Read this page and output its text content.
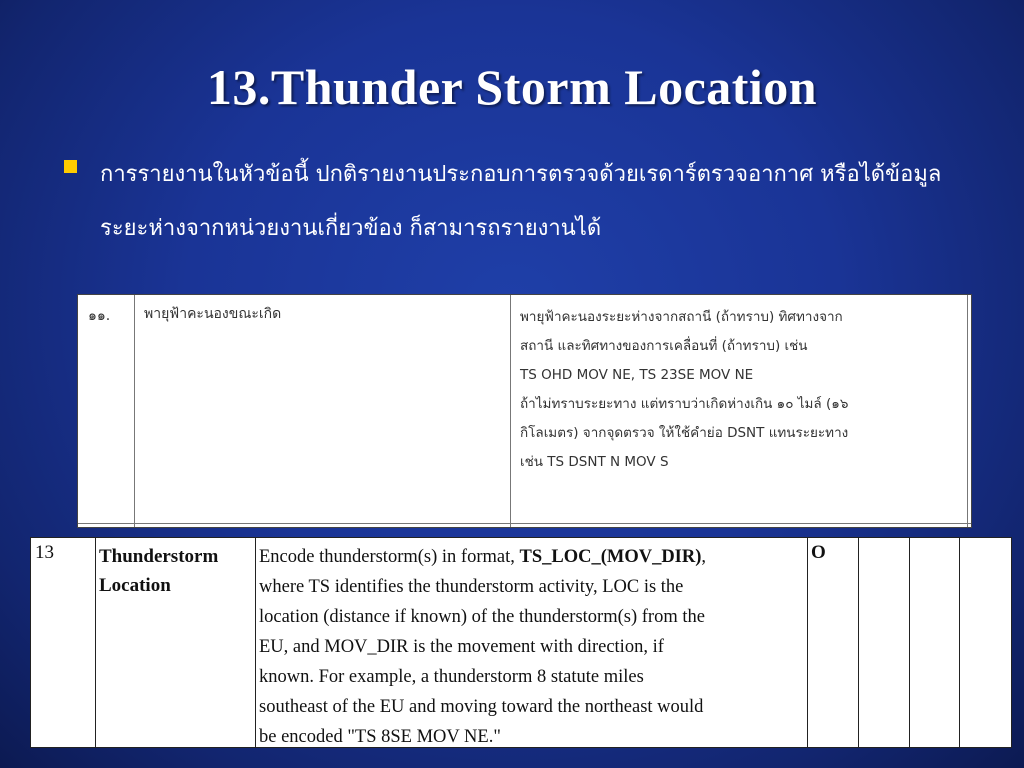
13.Thunder Storm Location
การรายงานในหัวข้อนี้ ปกติรายงานประกอบการตรวจด้วยเรดาร์ตรวจอากาศ หรือได้ข้อมูลระยะห่างจากหน่วยงานเกี่ยวข้อง ก็สามารถรายงานได้
๑๑. พายุฟ้าคะนองขณะเกิด	พายุฟ้าคะนองระยะห่างจากสถานี (ถ้าทราบ) ทิศทางจาก
สถานี และทิศทางของการเคลื่อนที่ (ถ้าทราบ) เช่น
TS OHD MOV NE, TS 23SE MOV NE
ถ้าไม่ทราบระยะทาง แต่ทราบว่าเกิดห่างเกิน ๑๐ ไมล์ (๑๖
กิโลเมตร) จากจุดตรวจ ให้ใช้คำย่อ DSNT แทนระยะทาง
เช่น TS DSNT N MOV S
13 Thunderstorm
Location
Encode thunderstorm(s) in format, TS_LOC_(MOV_DIR),
where TS identifies the thunderstorm activity, LOC is the
location (distance if known) of the thunderstorm(s) from the
EU, and MOV_DIR is the movement with direction, if
known. For example, a thunderstorm 8 statute miles
southeast of the EU and moving toward the northeast would
be encoded "TS 8SE MOV NE."
O
